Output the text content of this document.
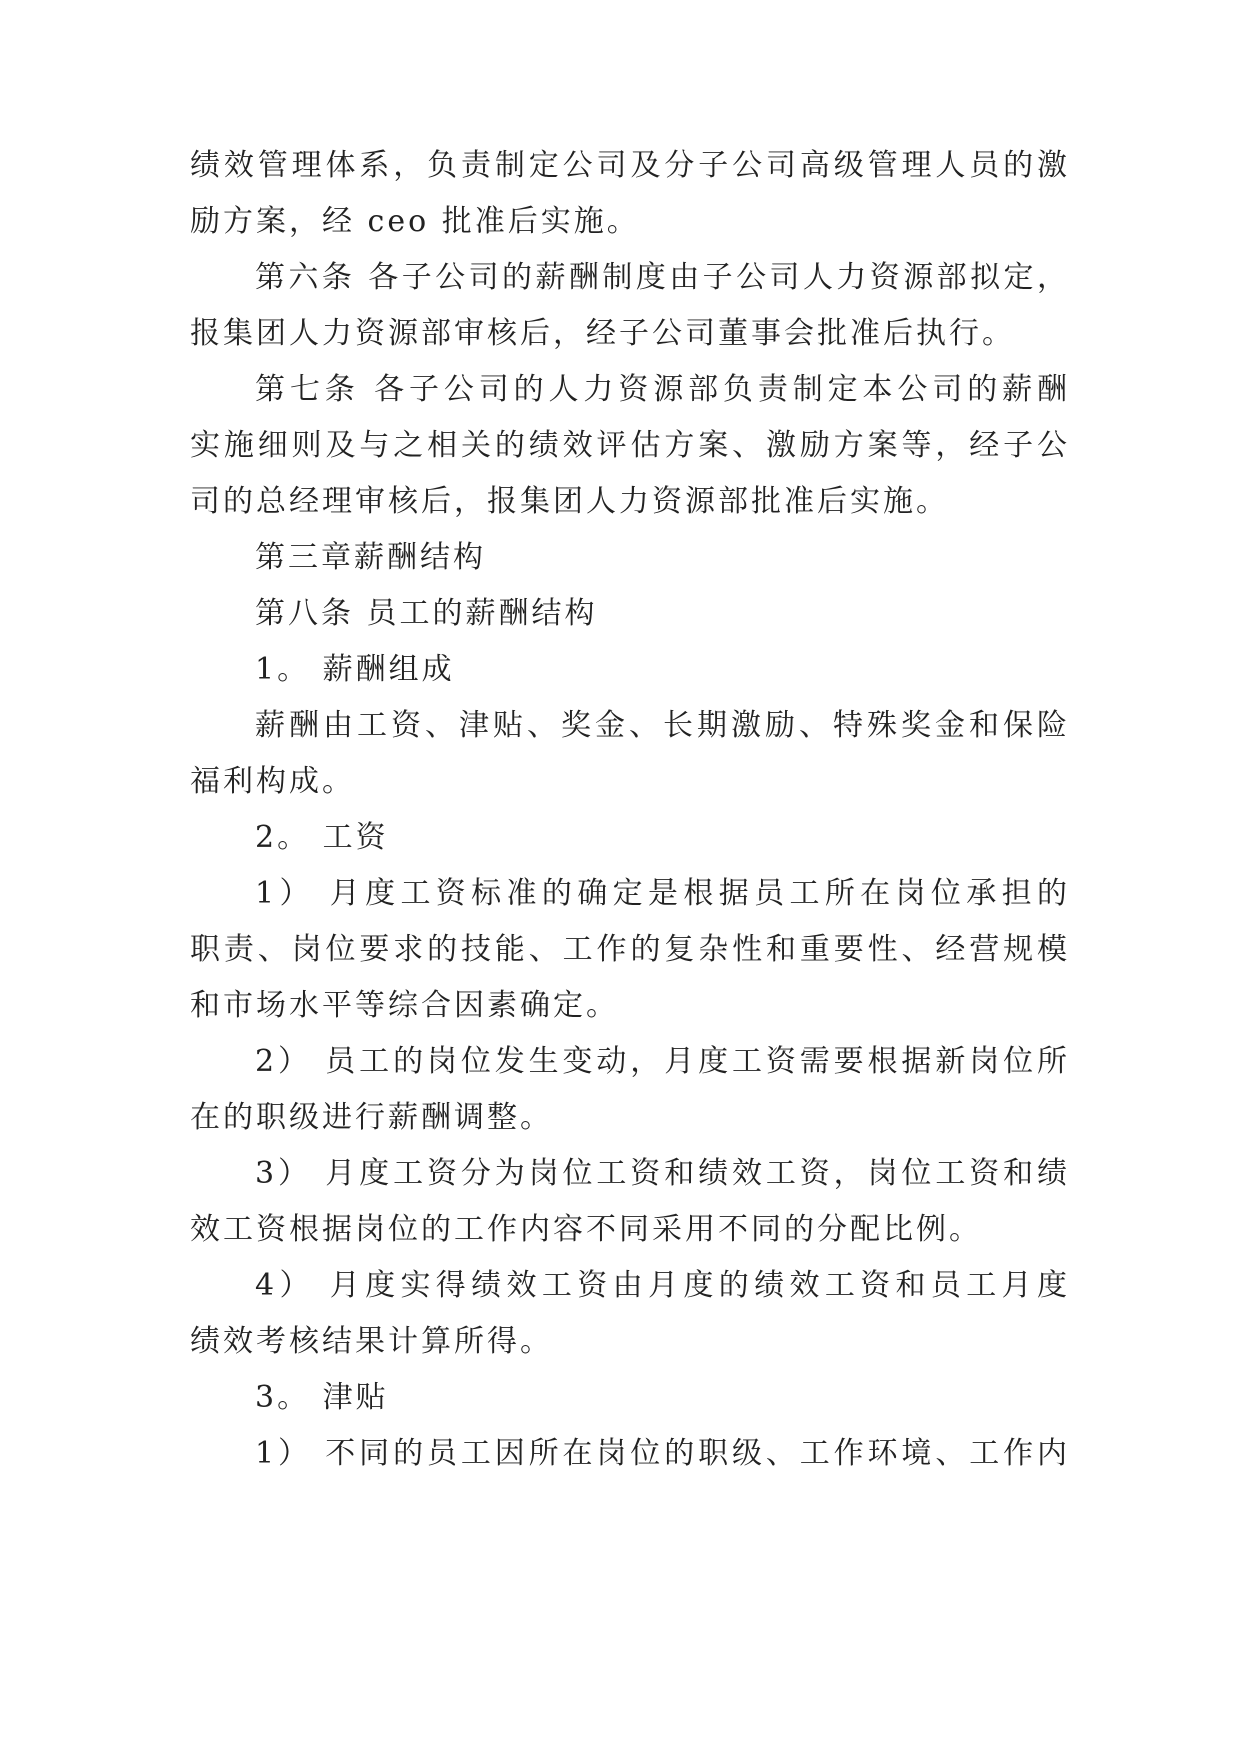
绩效管理体系，负责制定公司及分子公司高级管理人员的激
励方案，经 ceo 批准后实施。
第六条 各子公司的薪酬制度由子公司人力资源部拟定，
报集团人力资源部审核后，经子公司董事会批准后执行。
第七条 各子公司的人力资源部负责制定本公司的薪酬
实施细则及与之相关的绩效评估方案、激励方案等，经子公
司的总经理审核后，报集团人力资源部批准后实施。
第三章薪酬结构
第八条 员工的薪酬结构
1。 薪酬组成
薪酬由工资、津贴、奖金、长期激励、特殊奖金和保险
福利构成。
2。 工资
1） 月度工资标准的确定是根据员工所在岗位承担的
职责、岗位要求的技能、工作的复杂性和重要性、经营规模
和市场水平等综合因素确定。
2） 员工的岗位发生变动，月度工资需要根据新岗位所
在的职级进行薪酬调整。
3） 月度工资分为岗位工资和绩效工资，岗位工资和绩
效工资根据岗位的工作内容不同采用不同的分配比例。
4） 月度实得绩效工资由月度的绩效工资和员工月度
绩效考核结果计算所得。
3。 津贴
1） 不同的员工因所在岗位的职级、工作环境、工作内
